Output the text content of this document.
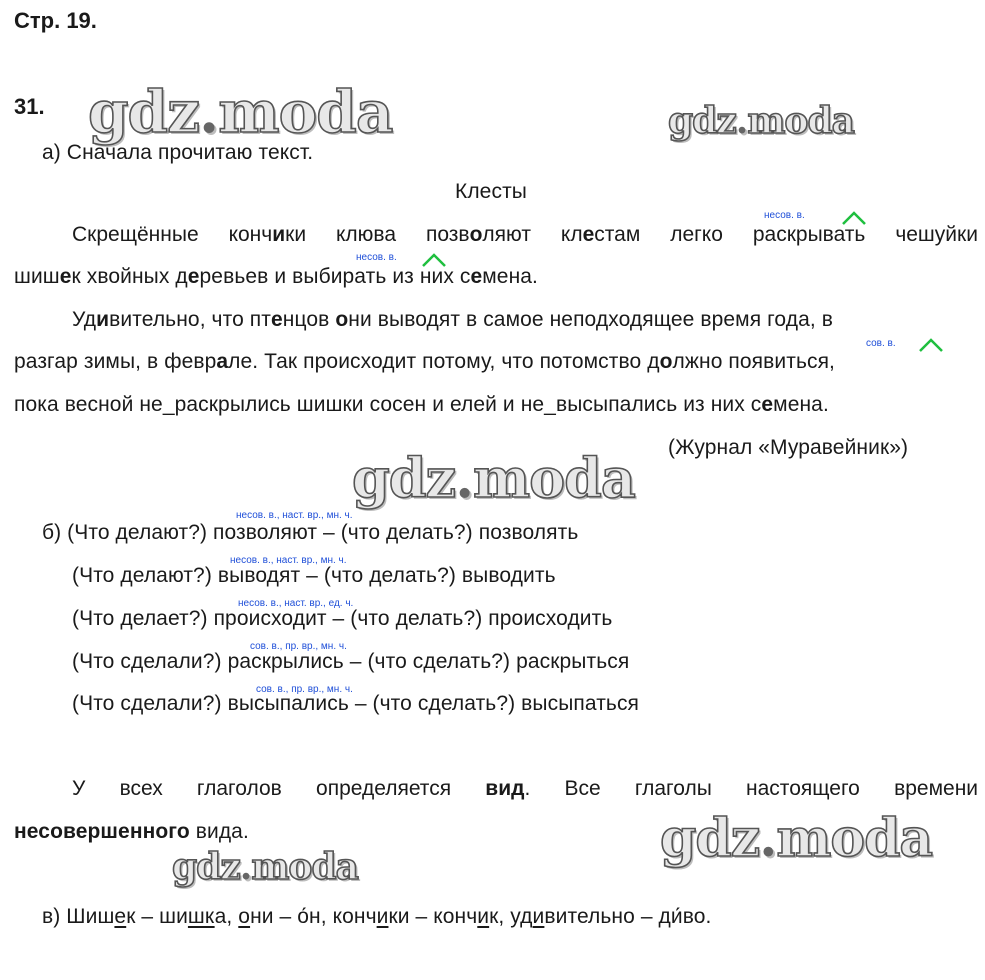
Стр. 19.
31. gdz.moda	gdz.moda
gdz.moda
gdz.moda
gdz.moda
а) Сначала прочитаю текст.
Клесты
Скрещённые кончики клюва позволяют клестам легко раскрывать чешуйки
шишек хвойных деревьев и выбирать из них семена.
Удивительно, что птенцов они выводят в самое неподходящее время года, в
разгар зимы, в феврале. Так происходит потому, что потомство должно появиться,
пока весной не_раскрылись шишки сосен и елей и не_высыпались из них семена.
(Журнал «Муравейник»)
несов. в.
несов. в.
сов. в.
б) (Что делают?) позволяют – (что делать?) позволять
несов. в., наст. вр., мн. ч.
(Что делают?) выводят – (что делать?) выводить
несов. в., наст. вр., мн. ч.
(Что делает?) происходит – (что делать?) происходить
несов. в., наст. вр., ед. ч.
(Что сделали?) раскрылись – (что сделать?) раскрыться
сов. в., пр. вр., мн. ч.
(Что сделали?) высыпались – (что сделать?) высыпаться
сов. в., пр. вр., мн. ч.
У всех глаголов определяется вид. Все глаголы настоящего времени
несовершенного вида.
в) Шишек – шишка, они – о́н, кончики – кончик, удивительно – ди́во.
